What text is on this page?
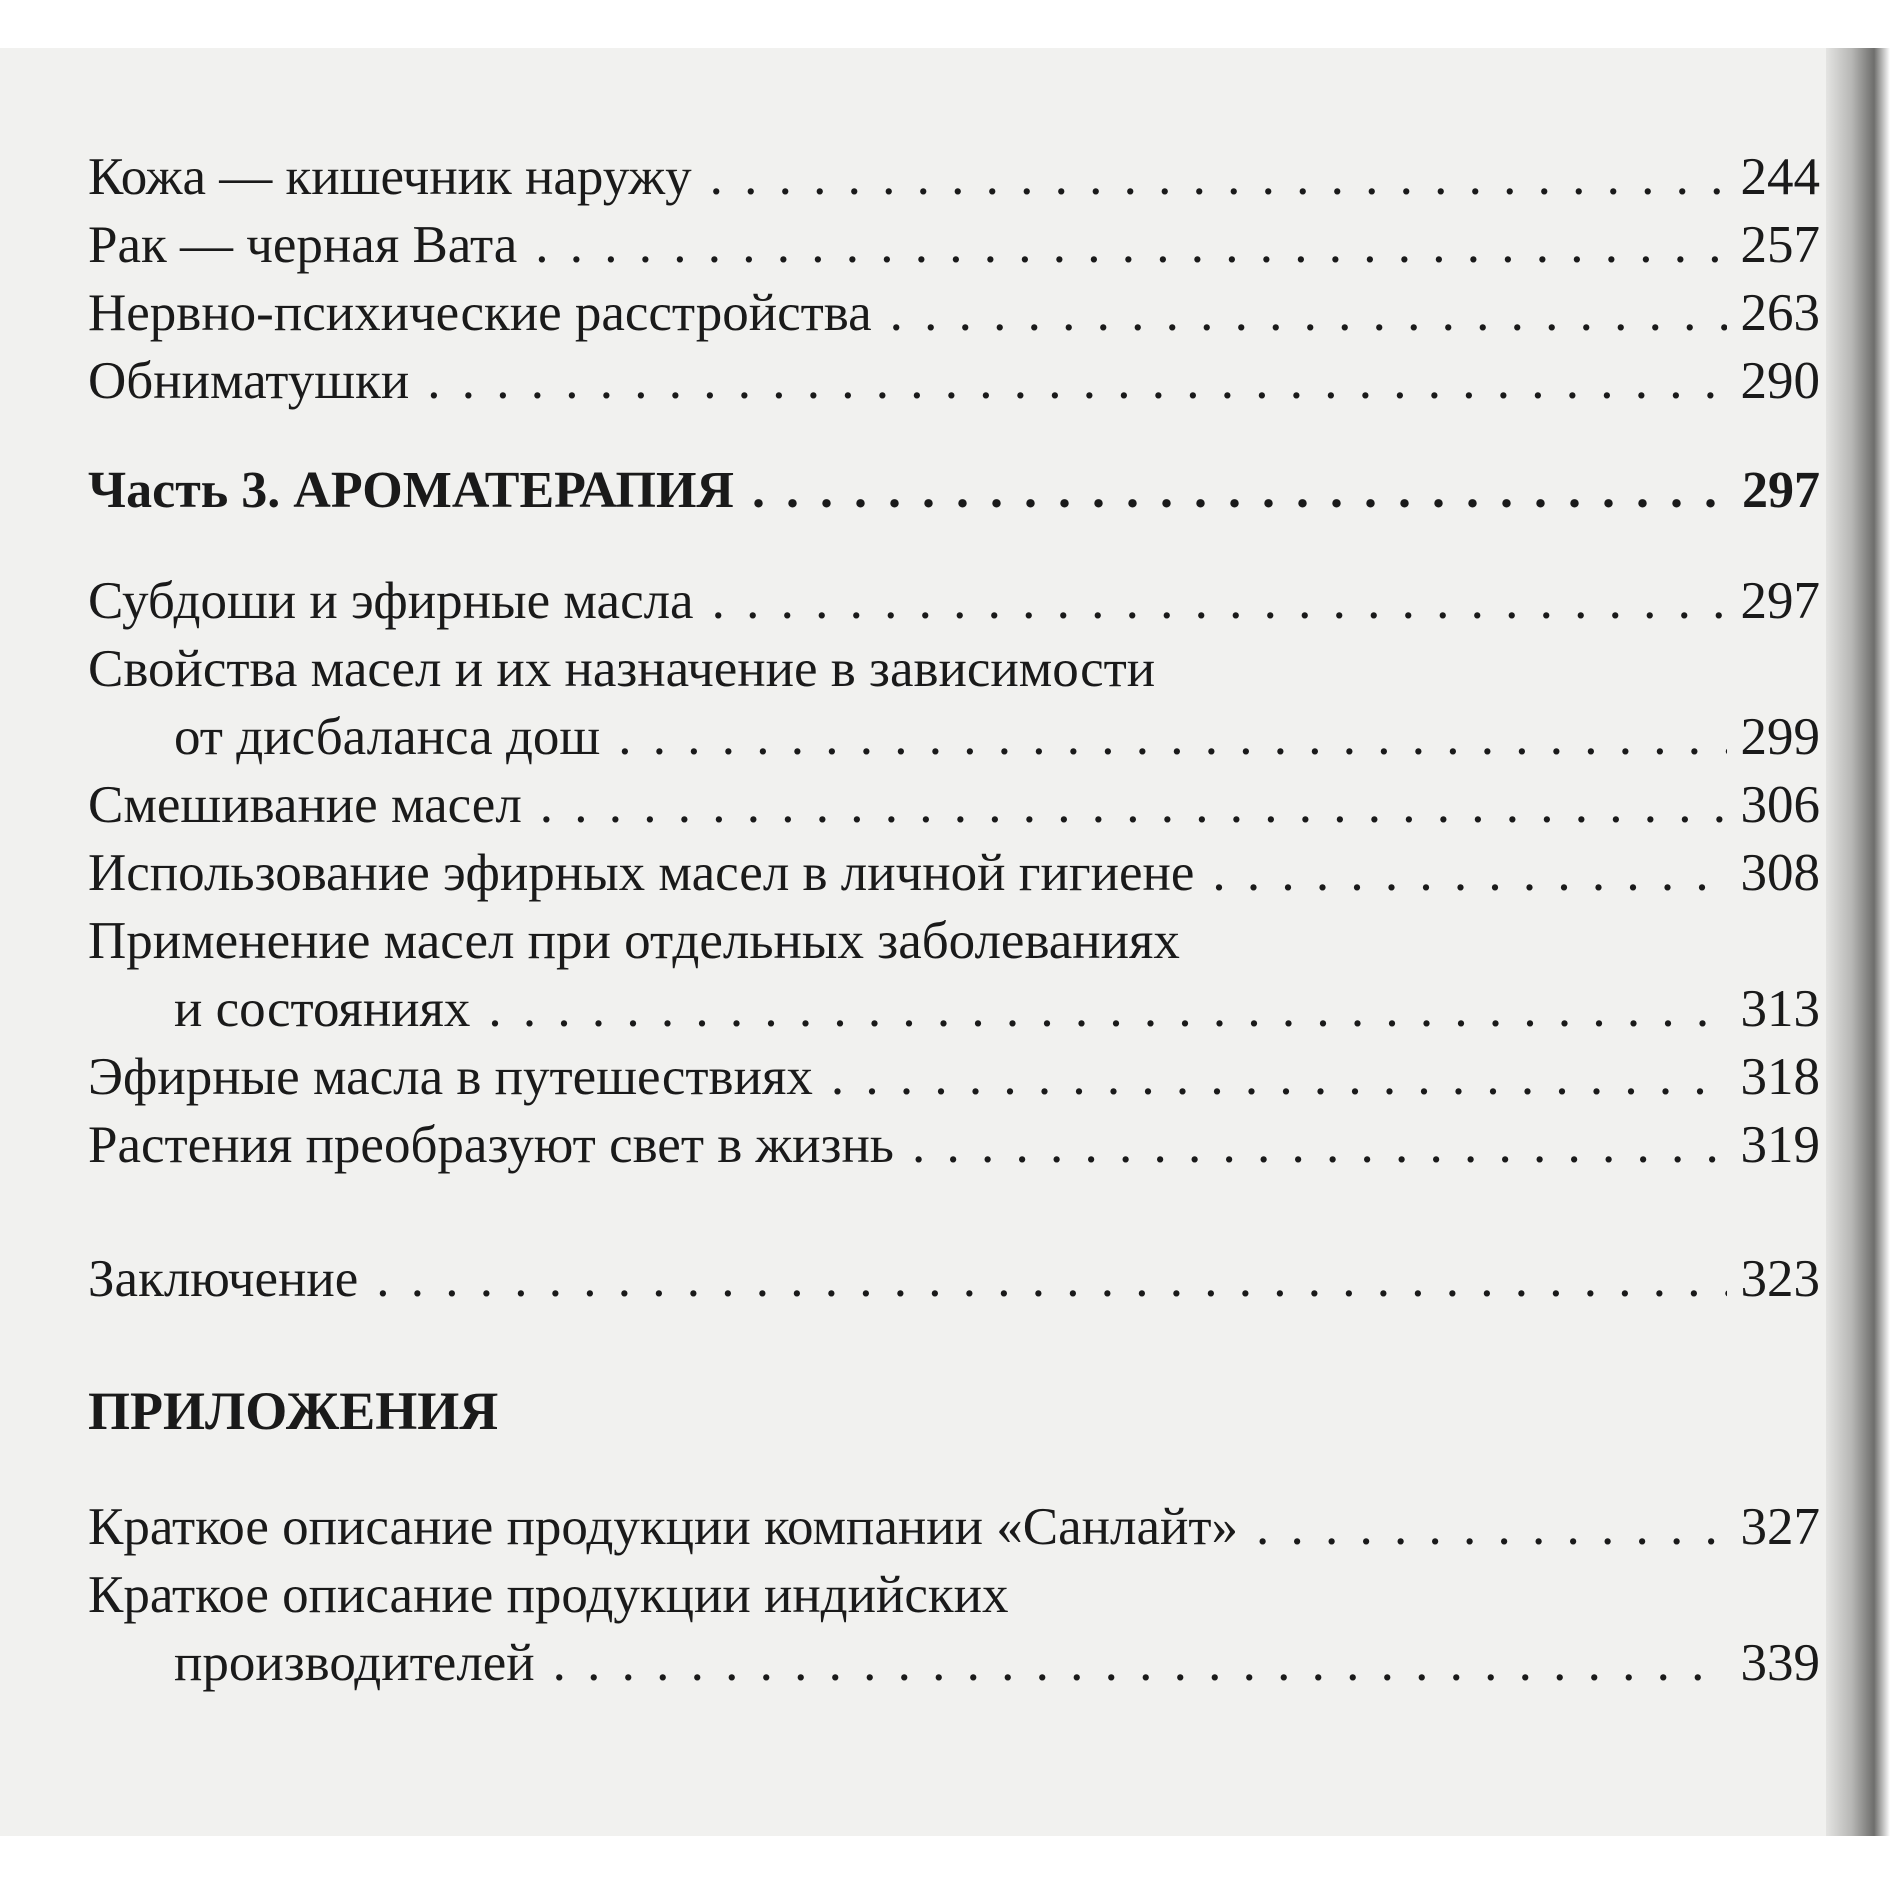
Кожа — кишечник наружу . . .	244
Рак — черная Вата . . .	257
Нервно-психические расстройства . . .	263
Обниматушки . . .	290
Часть 3. АРОМАТЕРАПИЯ . . .	297
Субдоши и эфирные масла . . .	297
Свойства масел и их назначение в зависимости
от дисбаланса дош . . .	299
Смешивание масел . . .	306
Использование эфирных масел в личной гигиене . . .	308
Применение масел при отдельных заболеваниях
и состояниях . . .	313
Эфирные масла в путешествиях . . .	318
Растения преобразуют свет в жизнь . . .	319
Заключение . . .	323
ПРИЛОЖЕНИЯ
Краткое описание продукции компании «Санлайт» . . .	327
Краткое описание продукции индийских
производителей . . .	339
